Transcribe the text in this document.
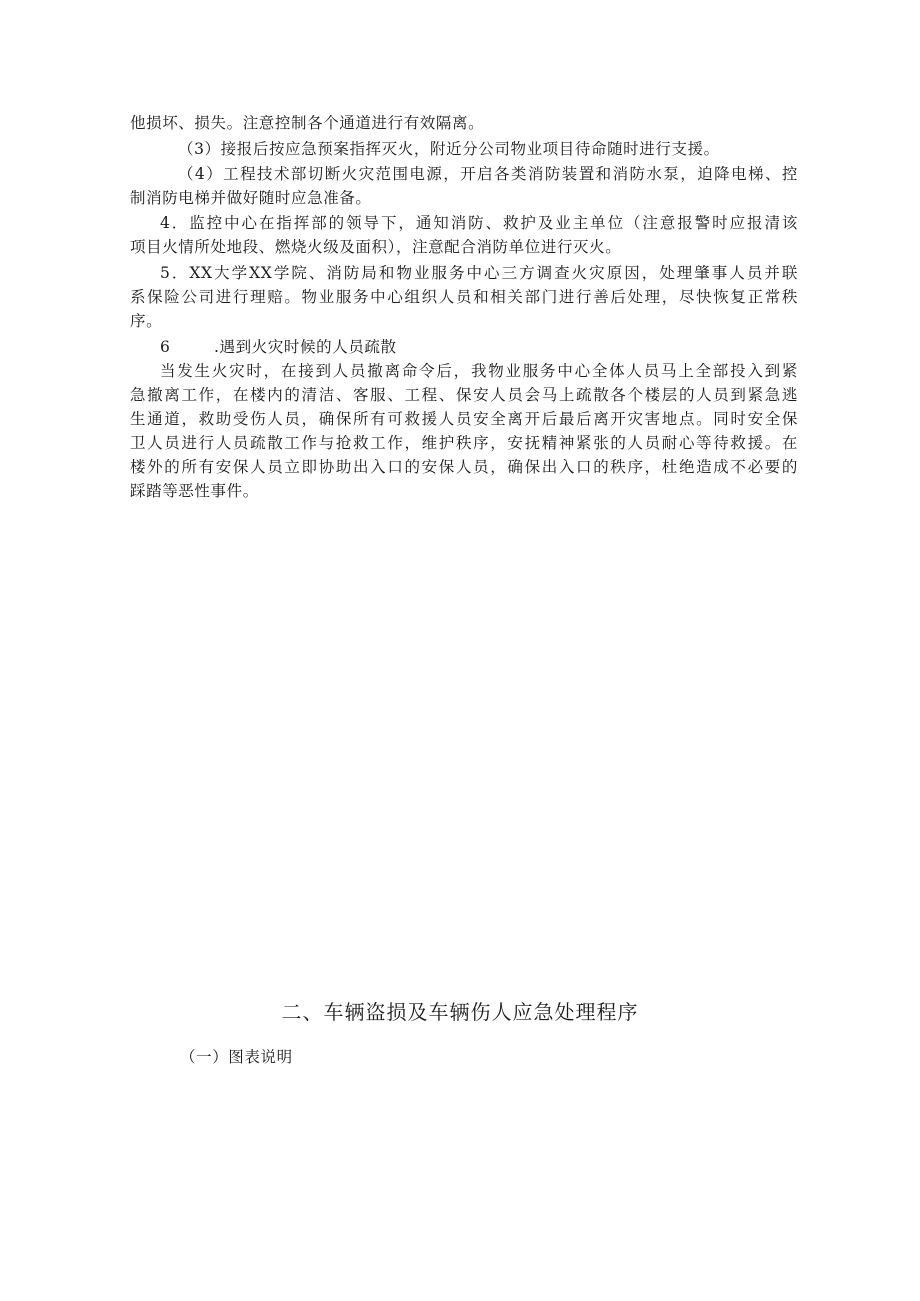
他损坏、损失。注意控制各个通道进行有效隔离。
（3）接报后按应急预案指挥灭火，附近分公司物业项目待命随时进行支援。
（4）工程技术部切断火灾范围电源，开启各类消防装置和消防水泵，迫降电梯、控
制消防电梯并做好随时应急准备。
4．监控中心在指挥部的领导下，通知消防、救护及业主单位（注意报警时应报清该
项目火情所处地段、燃烧火级及面积），注意配合消防单位进行灭火。
5．XX大学XX学院、消防局和物业服务中心三方调查火灾原因，处理肇事人员并联
系保险公司进行理赔。物业服务中心组织人员和相关部门进行善后处理，尽快恢复正常秩
序。
6	.遇到火灾时候的人员疏散
当发生火灾时，在接到人员撤离命令后，我物业服务中心全体人员马上全部投入到紧
急撤离工作，在楼内的清洁、客服、工程、保安人员会马上疏散各个楼层的人员到紧急逃
生通道，救助受伤人员，确保所有可救援人员安全离开后最后离开灾害地点。同时安全保
卫人员进行人员疏散工作与抢救工作，维护秩序，安抚精神紧张的人员耐心等待救援。在
楼外的所有安保人员立即协助出入口的安保人员，确保出入口的秩序，杜绝造成不必要的
踩踏等恶性事件。
二、车辆盗损及车辆伤人应急处理程序
（一）图表说明
